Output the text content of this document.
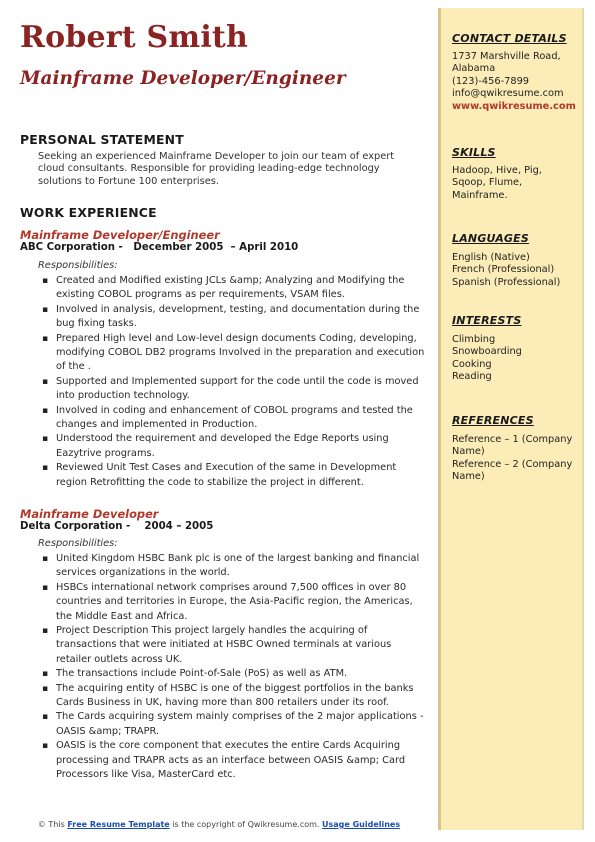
Robert Smith
Mainframe Developer/Engineer
PERSONAL STATEMENT

Seeking an experienced Mainframe Developer to join our team of expert cloud consultants. Responsible for providing leading-edge technology solutions to Fortune 100 enterprises.

WORK EXPERIENCE

Mainframe Developer/Engineer

ABC Corporation -   December 2005  – April 2010

Responsibilities:

▪ Created and Modified existing JCLs &amp; Analyzing and Modifying the existing COBOL programs as per requirements, VSAM files.
▪ Involved in analysis, development, testing, and documentation during the bug fixing tasks.
▪ Prepared High level and Low-level design documents Coding, developing, modifying COBOL DB2 programs Involved in the preparation and execution of the .
▪ Supported and Implemented support for the code until the code is moved into production technology.
▪ Involved in coding and enhancement of COBOL programs and tested the changes and implemented in Production.
▪ Understood the requirement and developed the Edge Reports using Eazytrive programs.
▪ Reviewed Unit Test Cases and Execution of the same in Development region Retrofitting the code to stabilize the project in different.

Mainframe Developer

Delta Corporation -    2004 – 2005

Responsibilities:

▪ United Kingdom HSBC Bank plc is one of the largest banking and financial services organizations in the world.
▪ HSBCs international network comprises around 7,500 offices in over 80 countries and territories in Europe, the Asia-Pacific region, the Americas, the Middle East and Africa.
▪ Project Description This project largely handles the acquiring of transactions that were initiated at HSBC Owned terminals at various retailer outlets across UK.
▪ The transactions include Point-of-Sale (PoS) as well as ATM.
▪ The acquiring entity of HSBC is one of the biggest portfolios in the banks Cards Business in UK, having more than 800 retailers under its roof.
▪ The Cards acquiring system mainly comprises of the 2 major applications - OASIS &amp; TRAPR.
▪ OASIS is the core component that executes the entire Cards Acquiring processing and TRAPR acts as an interface between OASIS &amp; Card Processors like Visa, MasterCard etc.
© This Free Resume Template is the copyright of Qwikresume.com. Usage Guidelines
CONTACT DETAILS

1737 Marshville Road,

Alabama

(123)-456-7899

info@qwikresume.com

www.qwikresume.com

SKILLS

Hadoop, Hive, Pig,

Sqoop, Flume,

Mainframe.

LANGUAGES

English (Native)

French (Professional)

Spanish (Professional)

INTERESTS

Climbing

Snowboarding

Cooking

Reading

REFERENCES

Reference – 1 (Company

Name)

Reference – 2 (Company

Name)
